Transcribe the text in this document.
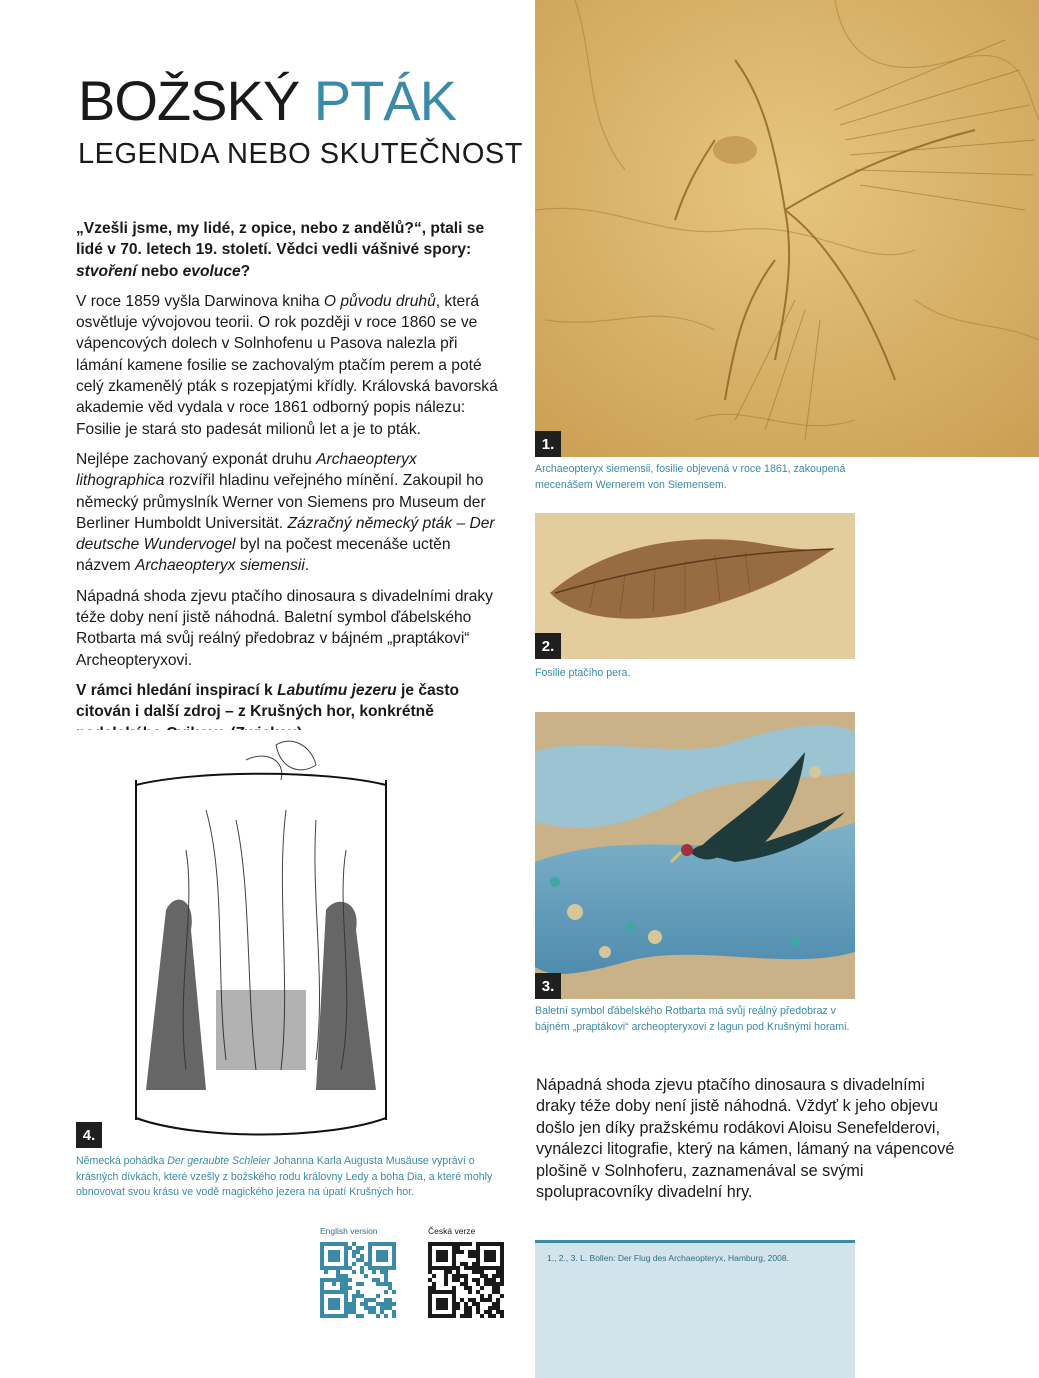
BOŽSKÝ PTÁK
LEGENDA NEBO SKUTEČNOST

„Vzešli jsme, my lidé, z opice, nebo z andělů?“, ptali se lidé v 70. letech 19. století. Vědci vedli vášnivé spory: stvoření nebo evoluce?

V roce 1859 vyšla Darwinova kniha O původu druhů, která osvětluje vývojovou teorii. O rok později v roce 1860 se ve vápencových dolech v Solnhofenu u Pasova nalezla při lámání kamene fosilie se zachovalým ptačím perem a poté celý zkamenělý pták s rozepjatými křídly. Královská bavorská akademie věd vydala v roce 1861 odborný popis nálezu: Fosilie je stará sto padesát milionů let a je to pták.

Nejlépe zachovaný exponát druhu Archaeopteryx lithographica rozvířil hladinu veřejného mínění. Zakoupil ho německý průmyslník Werner von Siemens pro Museum der Berliner Humboldt Universität. Zázračný německý pták – Der deutsche Wundervogel byl na počest mecenáše uctěn názvem Archaeopteryx siemensii.

Nápadná shoda zjevu ptačího dinosaura s divadelními draky téže doby není jistě náhodná. Baletní symbol ďábelského Rotbarta má svůj reálný předobraz v bájném „praptákovi“ Archeopteryxovi.

V rámci hledání inspirací k Labutímu jezeru je často citován i další zdroj – z Krušných hor, konkrétně

1.
Archaeopteryx siemensii, fosilie objevená v roce 1861, zakoupená mecenášem Wernerem von Siemensem.
2.
Fosilie ptačího pera.
3.
Baletní symbol ďábelského Rotbarta má svůj reálný předobraz v bájném „praptákovi“ archeopteryxovi z lagun pod Krušnými horami.
4.
Německá pohádka Der geraubte Schleier Johanna Karla Augusta Musäuse vypráví o krásných dívkách, které vzešly z božského rodu královny Ledy a boha Dia, a které mohly obnovovat svou krásu ve vodě magického jezera na úpatí Krušných hor.
Nápadná shoda zjevu ptačího dinosaura s divadelními draky téže doby není jistě náhodná. Vždyť k jeho objevu došlo jen díky pražskému rodákovi Aloisu Senefelderovi, vynálezci litografie, který na kámen, lámaný na vápencové plošině v Solnhoferu, zaznamenával se svými spolupracovníky divadelní hry.
English version	Česká verze
1., 2., 3. L. Bollen: Der Flug des Archaeopteryx, Hamburg, 2008.
